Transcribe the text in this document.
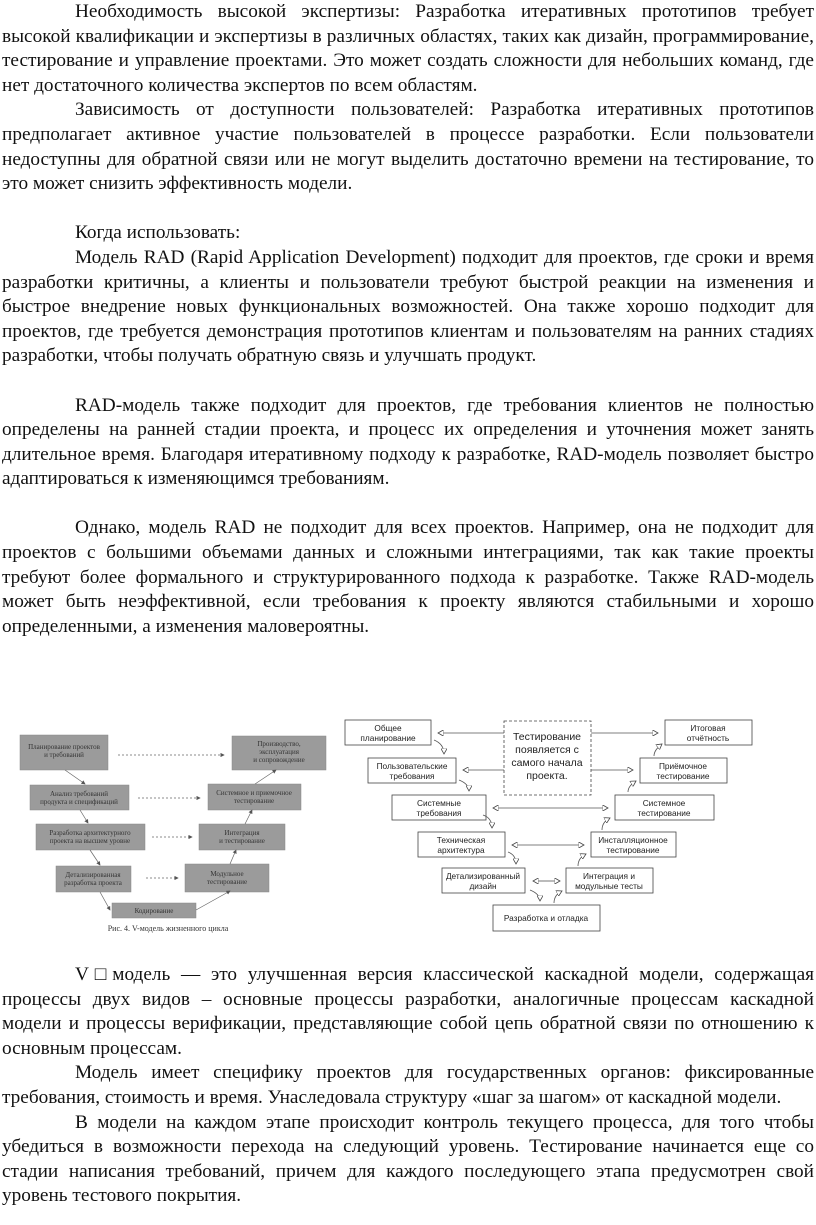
Необходимость высокой экспертизы: Разработка итеративных прототипов требует высокой квалификации и экспертизы в различных областях, таких как дизайн, программирование, тестирование и управление проектами. Это может создать сложности для небольших команд, где нет достаточного количества экспертов по всем областям.

Зависимость от доступности пользователей: Разработка итеративных прототипов предполагает активное участие пользователей в процессе разработки. Если пользователи недоступны для обратной связи или не могут выделить достаточно времени на тестирование, то это может снизить эффективность модели.

Когда использовать:

Модель RAD (Rapid Application Development) подходит для проектов, где сроки и время разработки критичны, а клиенты и пользователи требуют быстрой реакции на изменения и быстрое внедрение новых функциональных возможностей. Она также хорошо подходит для проектов, где требуется демонстрация прототипов клиентам и пользователям на ранних стадиях разработки, чтобы получать обратную связь и улучшать продукт.

RAD-модель также подходит для проектов, где требования клиентов не полностью определены на ранней стадии проекта, и процесс их определения и уточнения может занять длительное время. Благодаря итеративному подходу к разработке, RAD-модель позволяет быстро адаптироваться к изменяющимся требованиям.

Однако, модель RAD не подходит для всех проектов. Например, она не подходит для проектов с большими объемами данных и сложными интеграциями, так как такие проекты требуют более формального и структурированного подхода к разработке. Также RAD-модель может быть неэффективной, если требования к проекту являются стабильными и хорошо определенными, а изменения маловероятны.

Планирование проектов и требований
Производство, эксплуатация и сопровождение
Анализ требований продукта и спецификаций
Системное и приемочное тестирование
Разработка архитектурного проекта на высшем уровне
Интеграция и тестирование
Детализированная разработка проекта
Модульное тестирование
Кодирование
Рис. 4. V-модель жизненного цикла
Общее планирование
Итоговая отчётность
Пользовательские требования
Приёмочное тестирование
Системные требования
Системное тестирование
Техническая архитектура
Инсталляционное тестирование
Детализированный дизайн
Интеграция и модульные тесты
Разработка и отладка
Тестирование появляется с самого начала проекта.

V□модель — это улучшенная версия классической каскадной модели, содержащая процессы двух видов – основные процессы разработки, аналогичные процессам каскадной модели и процессы верификации, представляющие собой цепь обратной связи по отношению к основным процессам.

Модель имеет специфику проектов для государственных органов: фиксированные требования, стоимость и время. Унаследовала структуру «шаг за шагом» от каскадной модели.

В модели на каждом этапе происходит контроль текущего процесса, для того чтобы убедиться в возможности перехода на следующий уровень. Тестирование начинается еще со стадии написания требований, причем для каждого последующего этапа предусмотрен свой уровень тестового покрытия.
